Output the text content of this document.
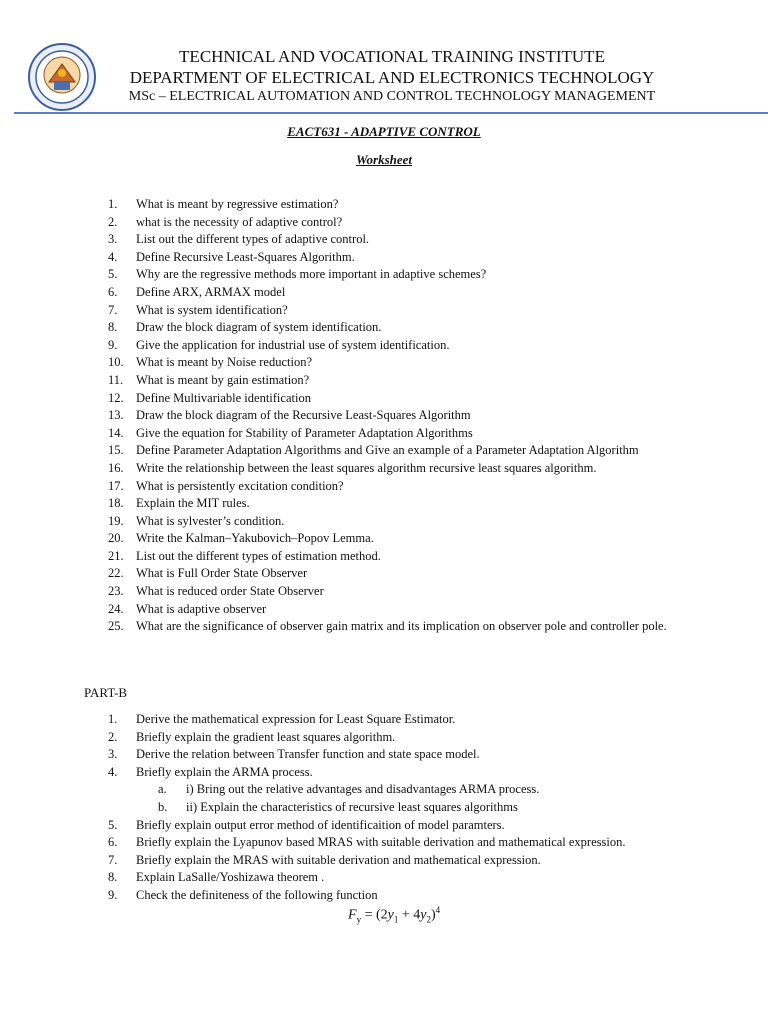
TECHNICAL AND VOCATIONAL TRAINING INSTITUTE
DEPARTMENT OF ELECTRICAL AND ELECTRONICS TECHNOLOGY
MSc – ELECTRICAL AUTOMATION AND CONTROL TECHNOLOGY MANAGEMENT
EACT631 - ADAPTIVE CONTROL
Worksheet
1.	What is meant by regressive estimation?
2.	what is the necessity of adaptive control?
3.	List out the different types of adaptive control.
4.	Define Recursive Least-Squares Algorithm.
5.	Why are the regressive methods more important in adaptive schemes?
6.	Define ARX, ARMAX model
7.	What is system identification?
8.	Draw the block diagram of system identification.
9.	Give the application for industrial use of system identification.
10. What is meant by Noise reduction?
11.	What is meant by gain estimation?
12. Define Multivariable identification
13. Draw the block diagram of the Recursive Least-Squares Algorithm
14. Give the equation for Stability of Parameter Adaptation Algorithms
15. Define Parameter Adaptation Algorithms and Give an example of a Parameter Adaptation Algorithm
16. Write the relationship between the least squares algorithm recursive least squares algorithm.
17. What is persistently excitation condition?
18. Explain the MIT rules.
19. What is sylvester’s condition.
20. Write the Kalman–Yakubovich–Popov Lemma.
21. List out the different types of estimation method.
22. What is Full Order State Observer
23. What is reduced order State Observer
24. What is adaptive observer
25. What are the significance of observer gain matrix and its implication on observer pole and controller pole.
PART-B
1.	Derive the mathematical expression for Least Square Estimator.
2.	Briefly explain the gradient least squares algorithm.
3.	Derive the relation between Transfer function and state space model.
4.	Briefly explain the ARMA process.
a.	i) Bring out the relative advantages and disadvantages ARMA process.
b.	ii) Explain the characteristics of recursive least squares algorithms
5.	Briefly explain output error method of identificaition of model paramters.
6.	Briefly explain the Lyapunov based MRAS with suitable derivation and mathematical expression.
7.	Briefly explain the MRAS with suitable derivation and mathematical expression.
8.	Explain LaSalle/Yoshizawa theorem .
9.	Check the definiteness of the following function
$F_y = (2y_1 + 4y_2)^4$
